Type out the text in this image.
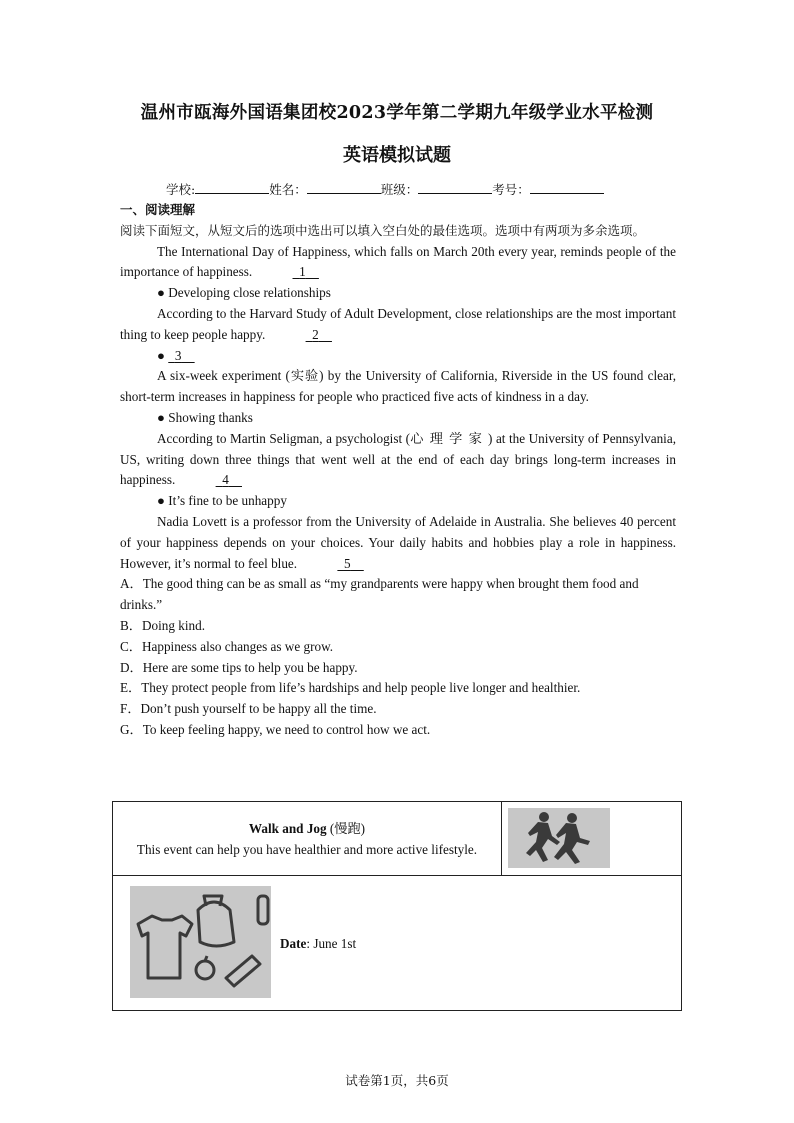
温州市瓯海外国语集团校2023学年第二学期九年级学业水平检测
英语模拟试题
学校:	姓名：	班级：	考号：

一、阅读理解

阅读下面短文，从短文后的选项中选出可以填入空白处的最佳选项。选项中有两项为多余选项。

The International Day of Happiness, which falls on March 20th every year, reminds people of the importance of happiness.	1

● Developing close relationships

According to the Harvard Study of Adult Development, close relationships are the most important thing to keep people happy.	2

● 3

A six-week experiment (实验) by the University of California, Riverside in the US found clear, short-term increases in happiness for people who practiced five acts of kindness in a day.

● Showing thanks

According to Martin Seligman, a psychologist (心理学家) at the University of Pennsylvania, US, writing down three things that went well at the end of each day brings long-term increases in happiness.	4

● It’s fine to be unhappy

Nadia Lovett is a professor from the University of Adelaide in Australia. She believes 40 percent of your happiness depends on your choices. Your daily habits and hobbies play a role in happiness. However, it’s normal to feel blue.	5

A．The good thing can be as small as “my grandparents were happy when brought them food and drinks.”

B．Doing kind.

C．Happiness also changes as we grow.

D．Here are some tips to help you be happy.

E．They protect people from life’s hardships and help people live longer and healthier.

F．Don’t push yourself to be happy all the time.

G．To keep feeling happy, we need to control how we act.

Walk and Jog (慢跑)
This event can help you have healthier and more active lifestyle.
Date: June 1st
试卷第1页，共6页
